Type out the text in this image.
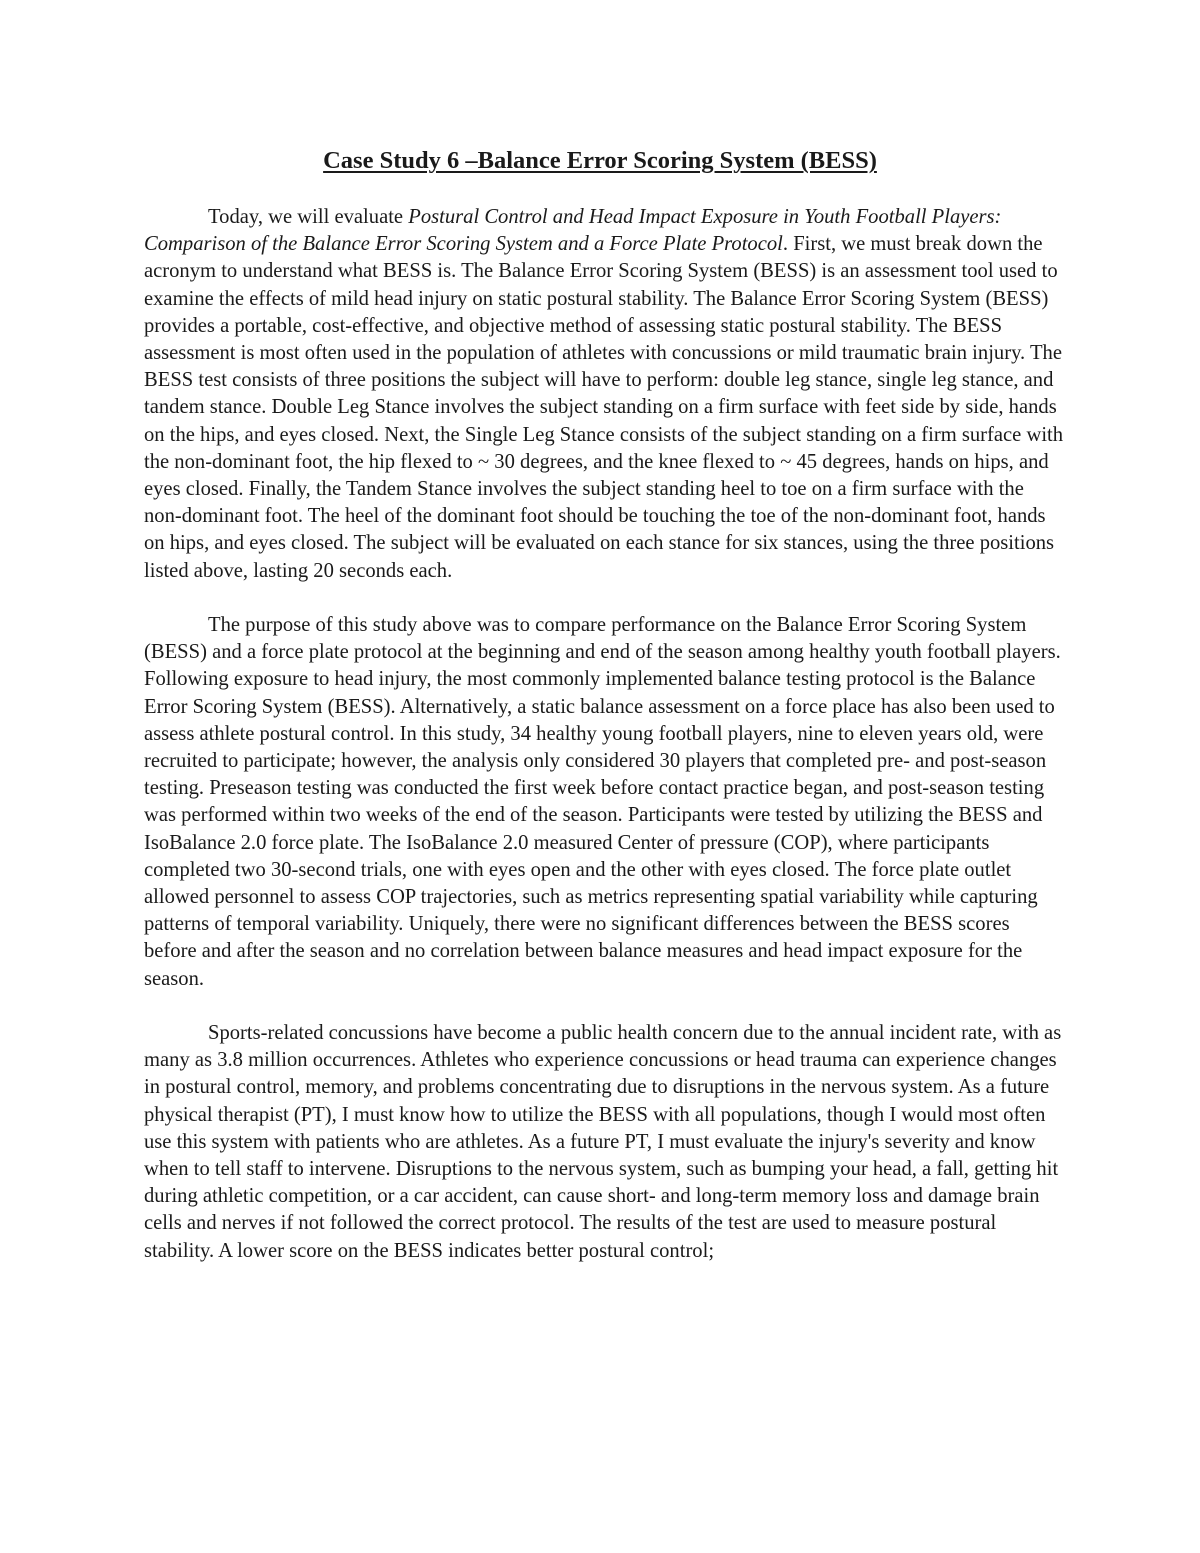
Case Study 6 –Balance Error Scoring System (BESS)

Today, we will evaluate Postural Control and Head Impact Exposure in Youth Football Players: Comparison of the Balance Error Scoring System and a Force Plate Protocol. First, we must break down the acronym to understand what BESS is. The Balance Error Scoring System (BESS) is an assessment tool used to examine the effects of mild head injury on static postural stability. The Balance Error Scoring System (BESS) provides a portable, cost-effective, and objective method of assessing static postural stability. The BESS assessment is most often used in the population of athletes with concussions or mild traumatic brain injury. The BESS test consists of three positions the subject will have to perform: double leg stance, single leg stance, and tandem stance. Double Leg Stance involves the subject standing on a firm surface with feet side by side, hands on the hips, and eyes closed. Next, the Single Leg Stance consists of the subject standing on a firm surface with the non-dominant foot, the hip flexed to ~ 30 degrees, and the knee flexed to ~ 45 degrees, hands on hips, and eyes closed. Finally, the Tandem Stance involves the subject standing heel to toe on a firm surface with the non-dominant foot. The heel of the dominant foot should be touching the toe of the non-dominant foot, hands on hips, and eyes closed. The subject will be evaluated on each stance for six stances, using the three positions listed above, lasting 20 seconds each.

The purpose of this study above was to compare performance on the Balance Error Scoring System (BESS) and a force plate protocol at the beginning and end of the season among healthy youth football players. Following exposure to head injury, the most commonly implemented balance testing protocol is the Balance Error Scoring System (BESS). Alternatively, a static balance assessment on a force place has also been used to assess athlete postural control. In this study, 34 healthy young football players, nine to eleven years old, were recruited to participate; however, the analysis only considered 30 players that completed pre- and post-season testing. Preseason testing was conducted the first week before contact practice began, and post-season testing was performed within two weeks of the end of the season. Participants were tested by utilizing the BESS and IsoBalance 2.0 force plate. The IsoBalance 2.0 measured Center of pressure (COP), where participants completed two 30-second trials, one with eyes open and the other with eyes closed. The force plate outlet allowed personnel to assess COP trajectories, such as metrics representing spatial variability while capturing patterns of temporal variability. Uniquely, there were no significant differences between the BESS scores before and after the season and no correlation between balance measures and head impact exposure for the season.

Sports-related concussions have become a public health concern due to the annual incident rate, with as many as 3.8 million occurrences. Athletes who experience concussions or head trauma can experience changes in postural control, memory, and problems concentrating due to disruptions in the nervous system. As a future physical therapist (PT), I must know how to utilize the BESS with all populations, though I would most often use this system with patients who are athletes. As a future PT, I must evaluate the injury's severity and know when to tell staff to intervene. Disruptions to the nervous system, such as bumping your head, a fall, getting hit during athletic competition, or a car accident, can cause short- and long-term memory loss and damage brain cells and nerves if not followed the correct protocol. The results of the test are used to measure postural stability. A lower score on the BESS indicates better postural control;
